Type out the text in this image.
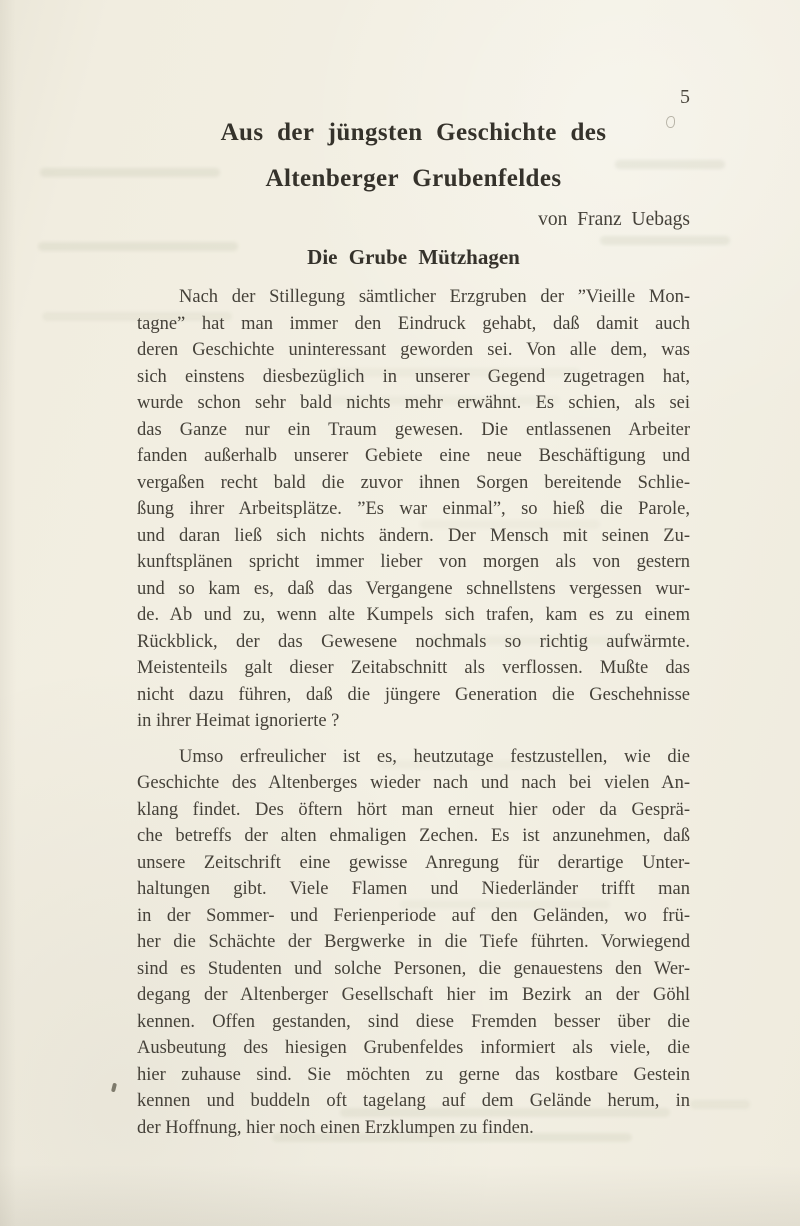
5
Aus der jüngsten Geschichte des
Altenberger Grubenfeldes
von Franz Uebags
Die Grube Mützhagen
Nach der Stillegung sämtlicher Erzgruben der ”Vieille Mon-
tagne” hat man immer den Eindruck gehabt, daß damit auch
deren Geschichte uninteressant geworden sei. Von alle dem, was
sich einstens diesbezüglich in unserer Gegend zugetragen hat,
wurde schon sehr bald nichts mehr erwähnt. Es schien, als sei
das Ganze nur ein Traum gewesen. Die entlassenen Arbeiter
fanden außerhalb unserer Gebiete eine neue Beschäftigung und
vergaßen recht bald die zuvor ihnen Sorgen bereitende Schlie-
ßung ihrer Arbeitsplätze. ”Es war einmal”, so hieß die Parole,
und daran ließ sich nichts ändern. Der Mensch mit seinen Zu-
kunftsplänen spricht immer lieber von morgen als von gestern
und so kam es, daß das Vergangene schnellstens vergessen wur-
de. Ab und zu, wenn alte Kumpels sich trafen, kam es zu einem
Rückblick, der das Gewesene nochmals so richtig aufwärmte.
Meistenteils galt dieser Zeitabschnitt als verflossen. Mußte das
nicht dazu führen, daß die jüngere Generation die Geschehnisse
in ihrer Heimat ignorierte ?
Umso erfreulicher ist es, heutzutage festzustellen, wie die
Geschichte des Altenberges wieder nach und nach bei vielen An-
klang findet. Des öftern hört man erneut hier oder da Gesprä-
che betreffs der alten ehmaligen Zechen. Es ist anzunehmen, daß
unsere Zeitschrift eine gewisse Anregung für derartige Unter-
haltungen gibt. Viele Flamen und Niederländer trifft man
in der Sommer- und Ferienperiode auf den Geländen, wo frü-
her die Schächte der Bergwerke in die Tiefe führten. Vorwiegend
sind es Studenten und solche Personen, die genauestens den Wer-
degang der Altenberger Gesellschaft hier im Bezirk an der Göhl
kennen. Offen gestanden, sind diese Fremden besser über die
Ausbeutung des hiesigen Grubenfeldes informiert als viele, die
hier zuhause sind. Sie möchten zu gerne das kostbare Gestein
kennen und buddeln oft tagelang auf dem Gelände herum, in
der Hoffnung, hier noch einen Erzklumpen zu finden.
